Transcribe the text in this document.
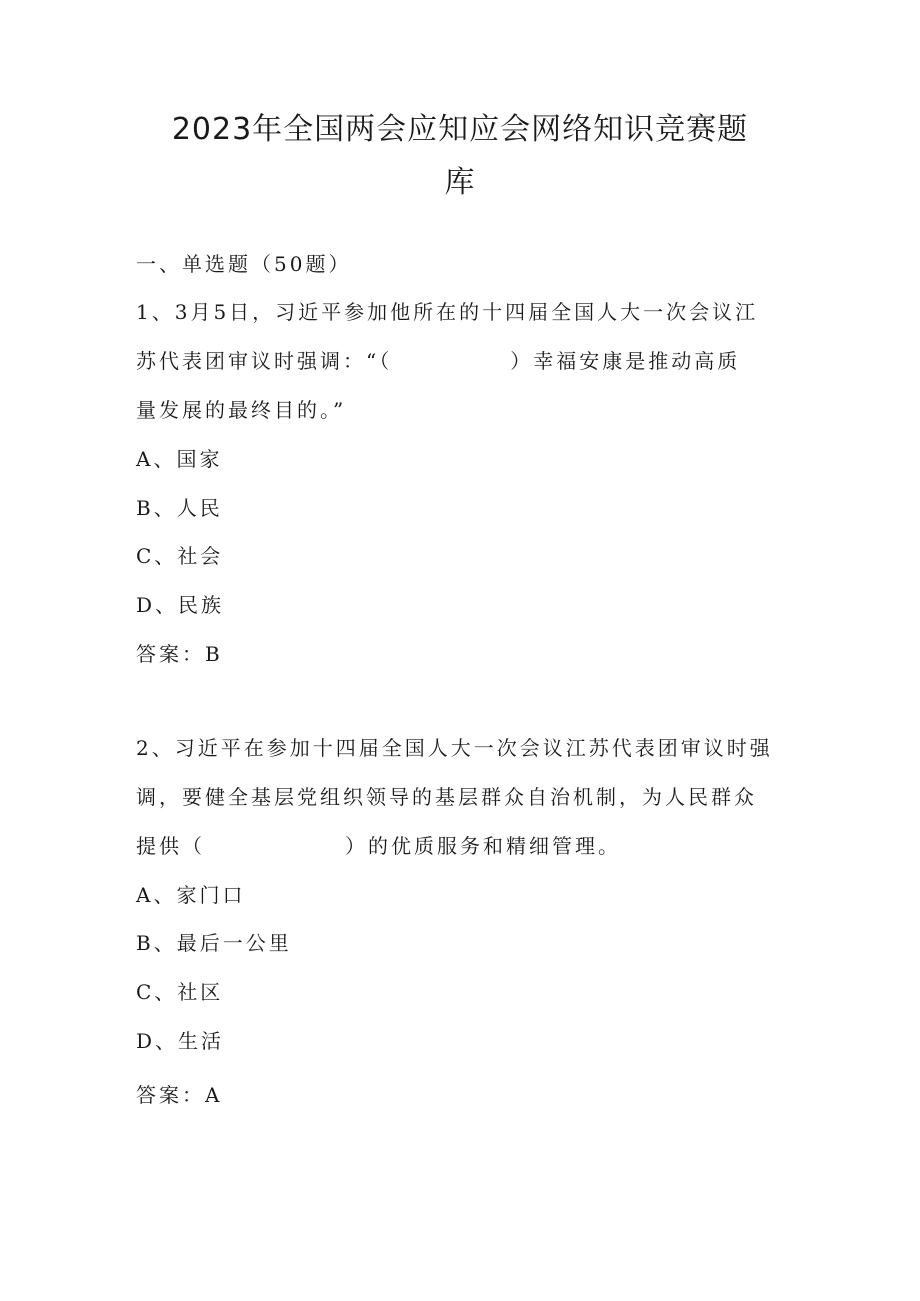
2023年全国两会应知应会网络知识竞赛题
库
一、单选题（50题）
1、3月5日，习近平参加他所在的十四届全国人大一次会议江
苏代表团审议时强调：“（	）幸福安康是推动高质
量发展的最终目的。”
A、国家
B、人民
C、社会
D、民族
答案：B
2、习近平在参加十四届全国人大一次会议江苏代表团审议时强
调，要健全基层党组织领导的基层群众自治机制，为人民群众
提供（	）的优质服务和精细管理。
A、家门口
B、最后一公里
C、社区
D、生活
答案：A
